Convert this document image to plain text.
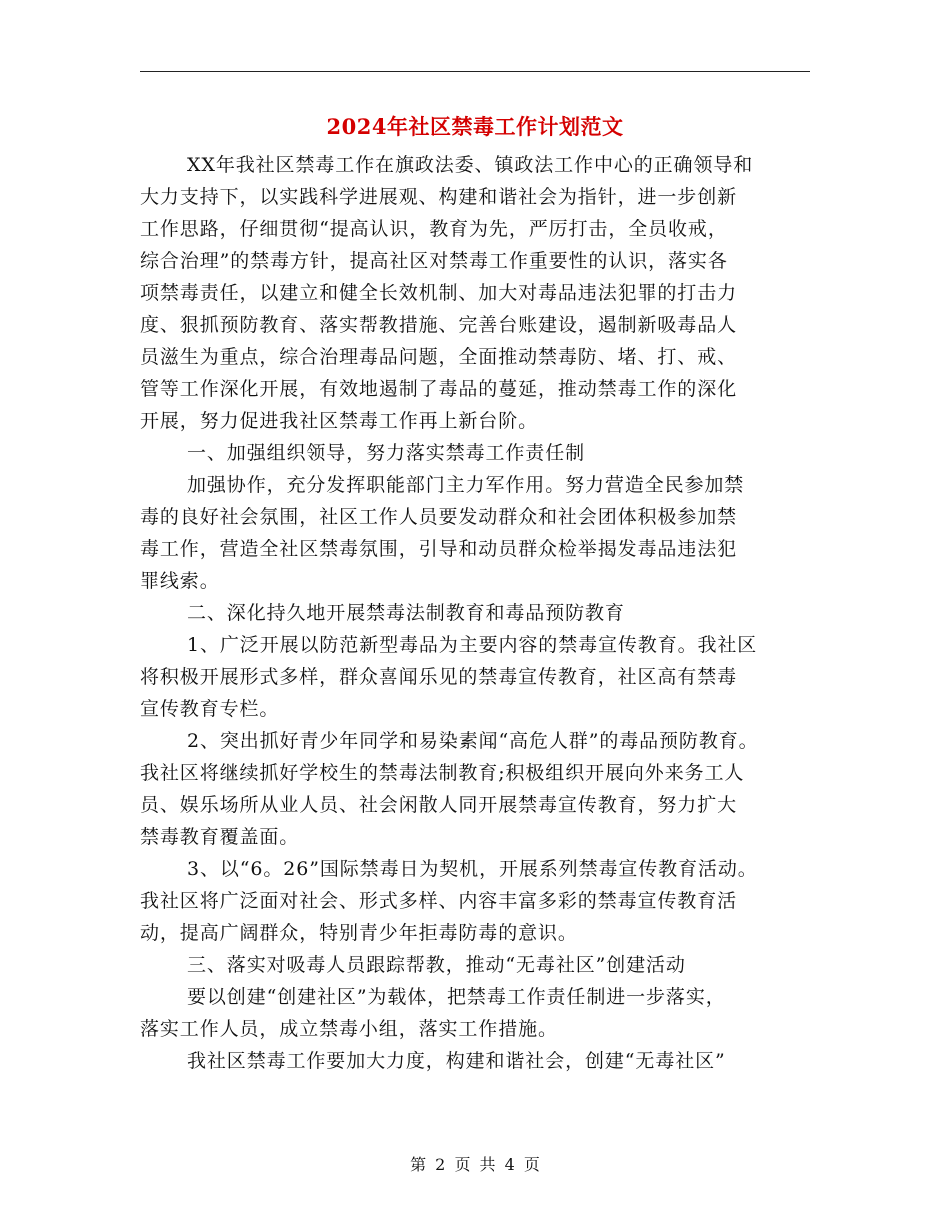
2024年社区禁毒工作计划范文
XX年我社区禁毒工作在旗政法委、镇政法工作中心的正确领导和
大力支持下，以实践科学进展观、构建和谐社会为指针，进一步创新
工作思路，仔细贯彻“提高认识，教育为先，严厉打击，全员收戒，
综合治理”的禁毒方针，提高社区对禁毒工作重要性的认识，落实各
项禁毒责任，以建立和健全长效机制、加大对毒品违法犯罪的打击力
度、狠抓预防教育、落实帮教措施、完善台账建设，遏制新吸毒品人
员滋生为重点，综合治理毒品问题，全面推动禁毒防、堵、打、戒、
管等工作深化开展，有效地遏制了毒品的蔓延，推动禁毒工作的深化
开展，努力促进我社区禁毒工作再上新台阶。
一、加强组织领导，努力落实禁毒工作责任制
加强协作，充分发挥职能部门主力军作用。努力营造全民参加禁
毒的良好社会氛围，社区工作人员要发动群众和社会团体积极参加禁
毒工作，营造全社区禁毒氛围，引导和动员群众检举揭发毒品违法犯
罪线索。
二、深化持久地开展禁毒法制教育和毒品预防教育
1、广泛开展以防范新型毒品为主要内容的禁毒宣传教育。我社区
将积极开展形式多样，群众喜闻乐见的禁毒宣传教育，社区高有禁毒
宣传教育专栏。
2、突出抓好青少年同学和易染素闻“高危人群”的毒品预防教育。
我社区将继续抓好学校生的禁毒法制教育;积极组织开展向外来务工人
员、娱乐场所从业人员、社会闲散人同开展禁毒宣传教育，努力扩大
禁毒教育覆盖面。
3、以“6。26”国际禁毒日为契机，开展系列禁毒宣传教育活动。
我社区将广泛面对社会、形式多样、内容丰富多彩的禁毒宣传教育活
动，提高广阔群众，特别青少年拒毒防毒的意识。
三、落实对吸毒人员跟踪帮教，推动“无毒社区”创建活动
要以创建“创建社区”为载体，把禁毒工作责任制进一步落实，
落实工作人员，成立禁毒小组，落实工作措施。
我社区禁毒工作要加大力度，构建和谐社会，创建“无毒社区”
第 2 页 共 4 页
